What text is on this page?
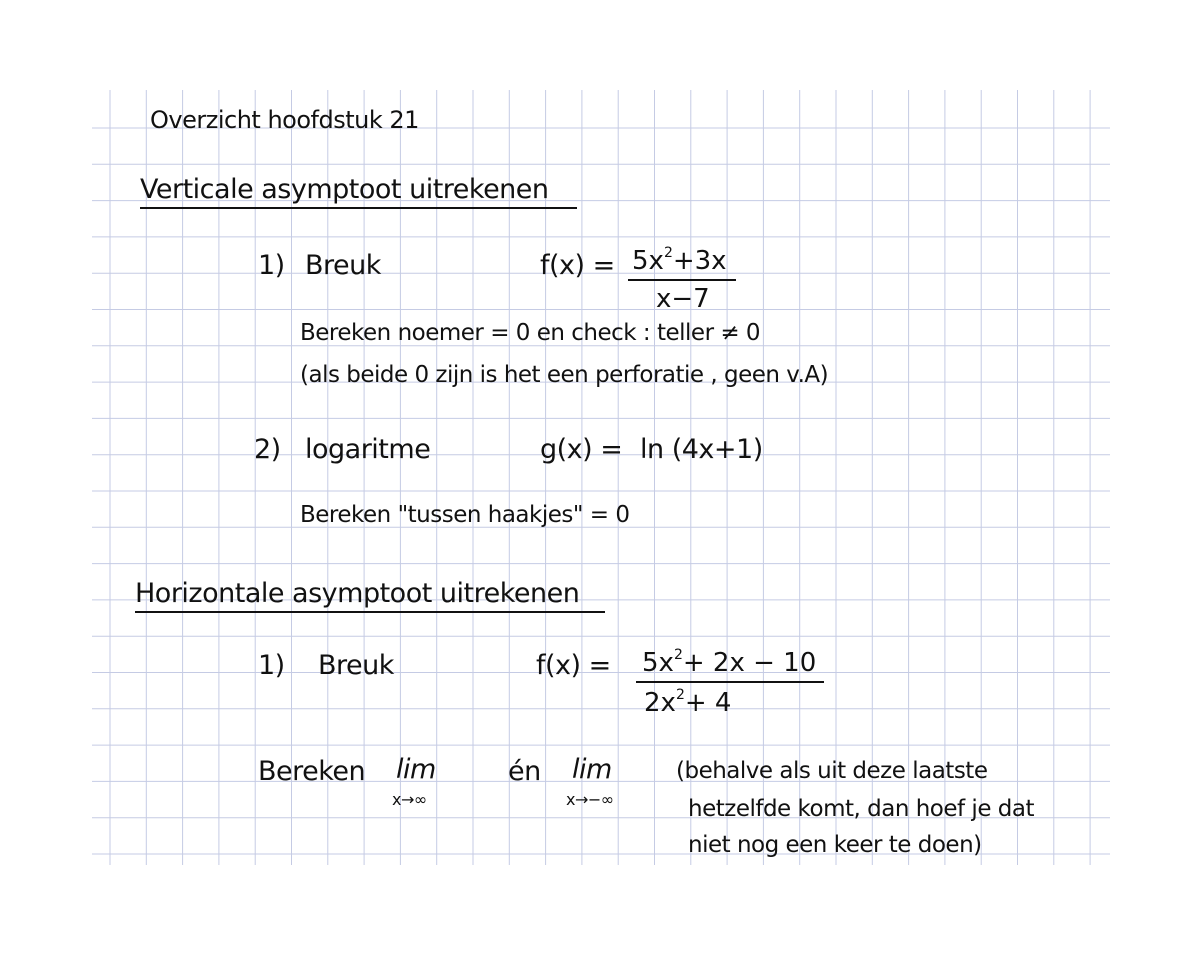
Overzicht hoofdstuk 21
Verticale asymptoot uitrekenen
1) Breuk	$f(x) = 5x^2+3x$
x−7
Bereken noemer = 0 en check : teller ≠ 0
(als beide 0 zijn is het een perforatie , geen v.A)
2) logaritme	g(x) = ln (4x+1)
Bereken "tussen haakjes" = 0
Horizontale asymptoot uitrekenen
1) Breuk	$f(x) = 5x^2+ 2x - 10$
$2x^2+ 4$
Bereken lim
x→∞
én lim
x→−∞
(behalve als uit deze laatste
hetzelfde komt, dan hoef je dat
niet nog een keer te doen)
